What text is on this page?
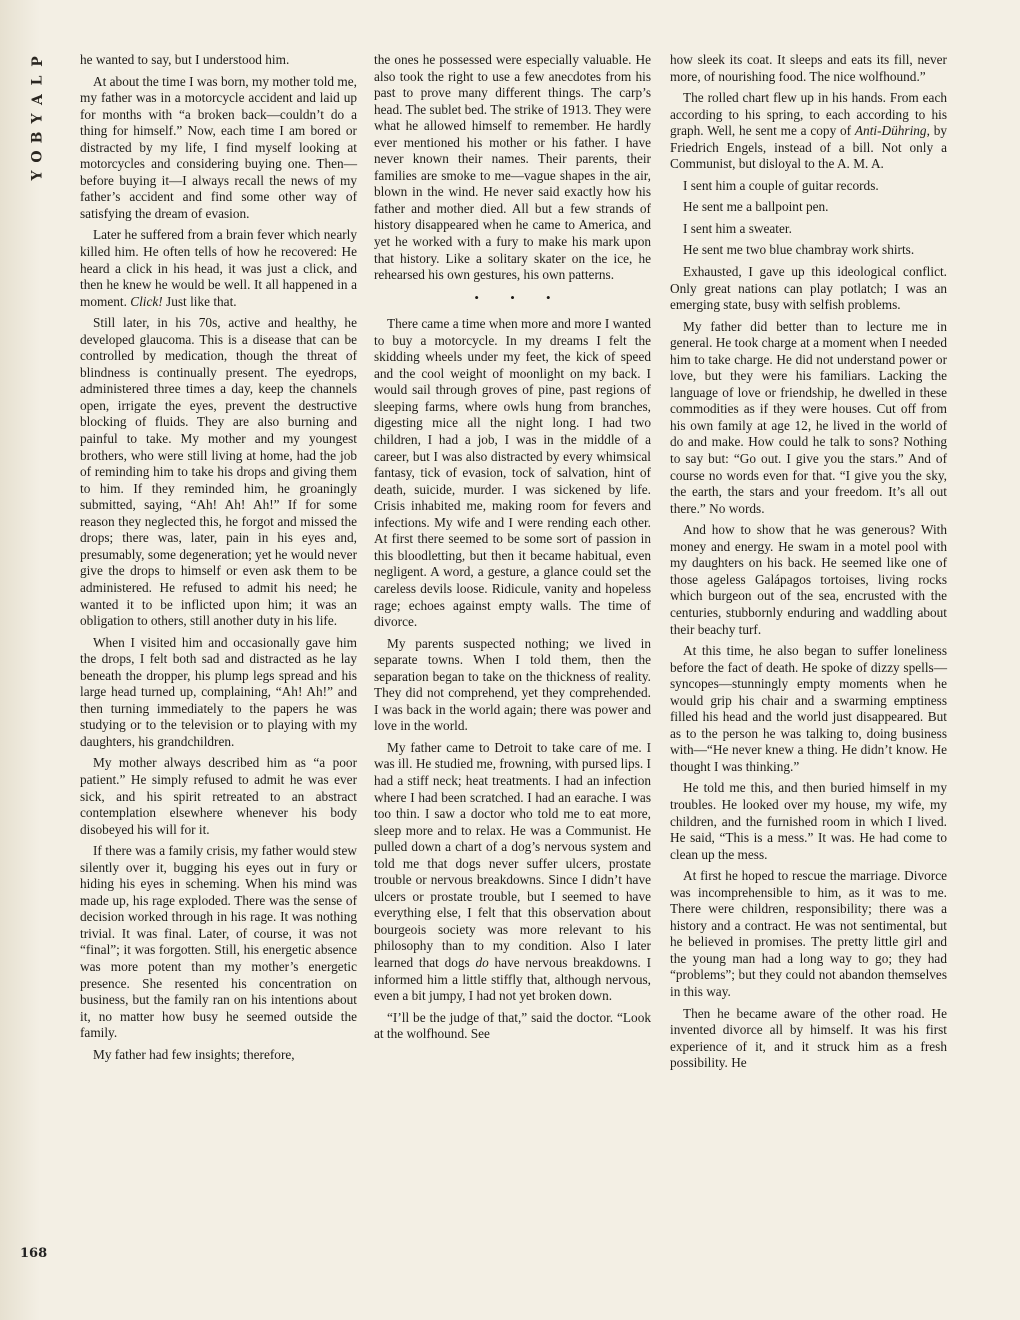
P
L
A
Y
B
O
Y
168

he wanted to say, but I understood him.

At about the time I was born, my mother told me, my father was in a motorcycle accident and laid up for months with “a broken back—couldn’t do a thing for himself.” Now, each time I am bored or distracted by my life, I find myself looking at motorcycles and considering buying one. Then—before buying it—I always recall the news of my father’s accident and find some other way of satisfying the dream of evasion.

Later he suffered from a brain fever which nearly killed him. He often tells of how he recovered: He heard a click in his head, it was just a click, and then he knew he would be well. It all happened in a moment. Click! Just like that.

Still later, in his 70s, active and healthy, he developed glaucoma. This is a disease that can be controlled by medication, though the threat of blindness is continually present. The eyedrops, administered three times a day, keep the channels open, irrigate the eyes, prevent the destructive blocking of fluids. They are also burning and painful to take. My mother and my youngest brothers, who were still living at home, had the job of reminding him to take his drops and giving them to him. If they reminded him, he groaningly submitted, saying, “Ah! Ah! Ah!” If for some reason they neglected this, he forgot and missed the drops; there was, later, pain in his eyes and, presumably, some degeneration; yet he would never give the drops to himself or even ask them to be administered. He refused to admit his need; he wanted it to be inflicted upon him; it was an obligation to others, still another duty in his life.

When I visited him and occasionally gave him the drops, I felt both sad and distracted as he lay beneath the dropper, his plump legs spread and his large head turned up, complaining, “Ah! Ah!” and then turning immediately to the papers he was studying or to the television or to playing with my daughters, his grandchildren.

My mother always described him as “a poor patient.” He simply refused to admit he was ever sick, and his spirit retreated to an abstract contemplation elsewhere whenever his body disobeyed his will for it.

If there was a family crisis, my father would stew silently over it, bugging his eyes out in fury or hiding his eyes in scheming. When his mind was made up, his rage exploded. There was the sense of decision worked through in his rage. It was nothing trivial. It was final. Later, of course, it was not “final”; it was forgotten. Still, his energetic absence was more potent than my mother’s energetic presence. She resented his concentration on business, but the family ran on his intentions about it, no matter how busy he seemed outside the family.

My father had few insights; therefore,

the ones he possessed were especially valuable. He also took the right to use a few anecdotes from his past to prove many different things. The carp’s head. The sublet bed. The strike of 1913. They were what he allowed himself to remember. He hardly ever mentioned his mother or his father. I have never known their names. Their parents, their families are smoke to me—vague shapes in the air, blown in the wind. He never said exactly how his father and mother died. All but a few strands of history disappeared when he came to America, and yet he worked with a fury to make his mark upon that history. Like a solitary skater on the ice, he rehearsed his own gestures, his own patterns.

• • •

There came a time when more and more I wanted to buy a motorcycle. In my dreams I felt the skidding wheels under my feet, the kick of speed and the cool weight of moonlight on my back. I would sail through groves of pine, past regions of sleeping farms, where owls hung from branches, digesting mice all the night long. I had two children, I had a job, I was in the middle of a career, but I was also distracted by every whimsical fantasy, tick of evasion, tock of salvation, hint of death, suicide, murder. I was sickened by life. Crisis inhabited me, making room for fevers and infections. My wife and I were rending each other. At first there seemed to be some sort of passion in this bloodletting, but then it became habitual, even negligent. A word, a gesture, a glance could set the careless devils loose. Ridicule, vanity and hopeless rage; echoes against empty walls. The time of divorce.

My parents suspected nothing; we lived in separate towns. When I told them, then the separation began to take on the thickness of reality. They did not comprehend, yet they comprehended. I was back in the world again; there was power and love in the world.

My father came to Detroit to take care of me. I was ill. He studied me, frowning, with pursed lips. I had a stiff neck; heat treatments. I had an infection where I had been scratched. I had an earache. I was too thin. I saw a doctor who told me to eat more, sleep more and to relax. He was a Communist. He pulled down a chart of a dog’s nervous system and told me that dogs never suffer ulcers, prostate trouble or nervous breakdowns. Since I didn’t have ulcers or prostate trouble, but I seemed to have everything else, I felt that this observation about bourgeois society was more relevant to his philosophy than to my condition. Also I later learned that dogs do have nervous breakdowns. I informed him a little stiffly that, although nervous, even a bit jumpy, I had not yet broken down.

“I’ll be the judge of that,” said the doctor. “Look at the wolfhound. See

how sleek its coat. It sleeps and eats its fill, never more, of nourishing food. The nice wolfhound.”

The rolled chart flew up in his hands. From each according to his spring, to each according to his graph. Well, he sent me a copy of Anti-Dühring, by Friedrich Engels, instead of a bill. Not only a Communist, but disloyal to the A. M. A.

I sent him a couple of guitar records.

He sent me a ballpoint pen.

I sent him a sweater.

He sent me two blue chambray work shirts.

Exhausted, I gave up this ideological conflict. Only great nations can play potlatch; I was an emerging state, busy with selfish problems.

My father did better than to lecture me in general. He took charge at a moment when I needed him to take charge. He did not understand power or love, but they were his familiars. Lacking the language of love or friendship, he dwelled in these commodities as if they were houses. Cut off from his own family at age 12, he lived in the world of do and make. How could he talk to sons? Nothing to say but: “Go out. I give you the stars.” And of course no words even for that. “I give you the sky, the earth, the stars and your freedom. It’s all out there.” No words.

And how to show that he was generous? With money and energy. He swam in a motel pool with my daughters on his back. He seemed like one of those ageless Galápagos tortoises, living rocks which burgeon out of the sea, encrusted with the centuries, stubbornly enduring and waddling about their beachy turf.

At this time, he also began to suffer loneliness before the fact of death. He spoke of dizzy spells—syncopes—stunningly empty moments when he would grip his chair and a swarming emptiness filled his head and the world just disappeared. But as to the person he was talking to, doing business with—“He never knew a thing. He didn’t know. He thought I was thinking.”

He told me this, and then buried himself in my troubles. He looked over my house, my wife, my children, and the furnished room in which I lived. He said, “This is a mess.” It was. He had come to clean up the mess.

At first he hoped to rescue the marriage. Divorce was incomprehensible to him, as it was to me. There were children, responsibility; there was a history and a contract. He was not sentimental, but he believed in promises. The pretty little girl and the young man had a long way to go; they had “problems”; but they could not abandon themselves in this way.

Then he became aware of the other road. He invented divorce all by himself. It was his first experience of it, and it struck him as a fresh possibility. He
